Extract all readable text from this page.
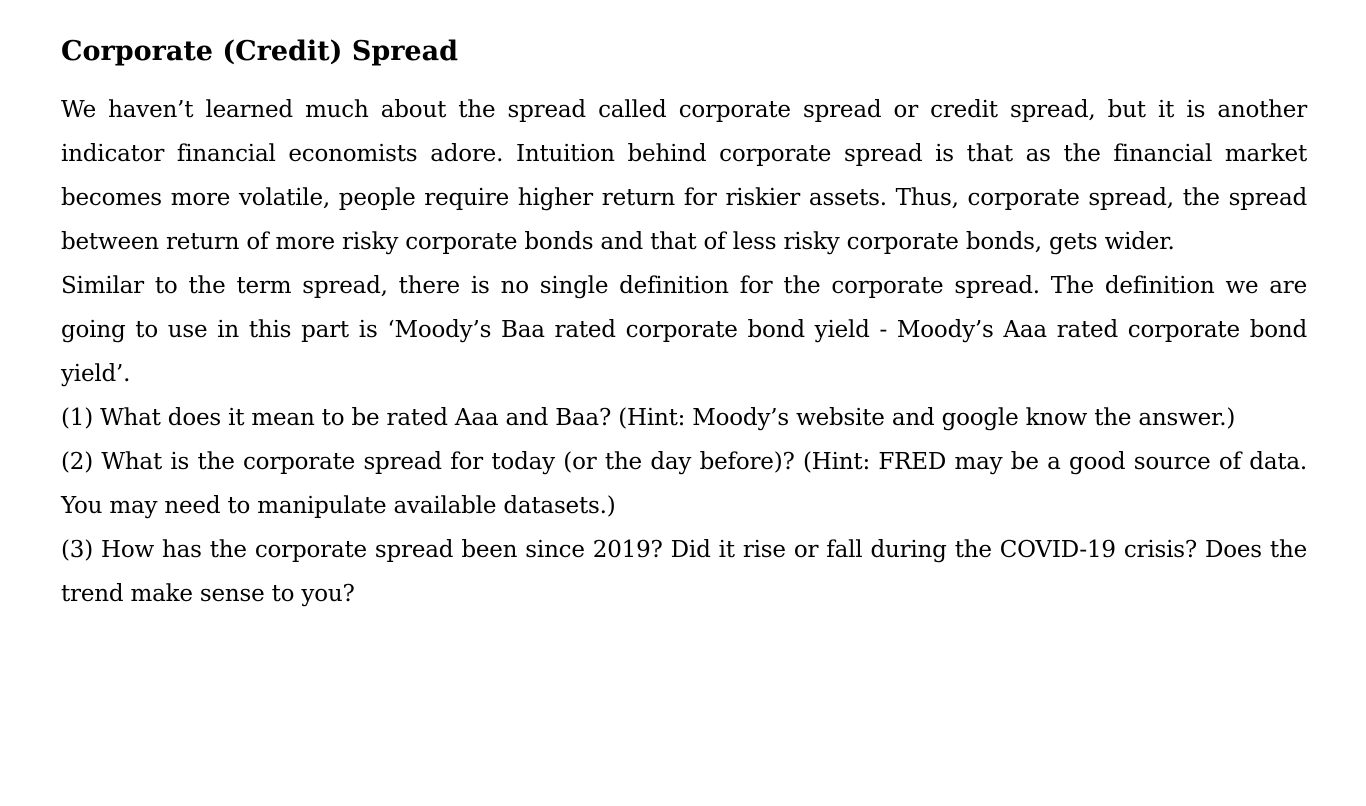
Corporate (Credit) Spread

We haven’t learned much about the spread called corporate spread or credit spread, but it is another indicator financial economists adore. Intuition behind corporate spread is that as the financial market becomes more volatile, people require higher return for riskier assets. Thus, corporate spread, the spread between return of more risky corporate bonds and that of less risky corporate bonds, gets wider.

Similar to the term spread, there is no single definition for the corporate spread. The definition we are going to use in this part is ‘Moody’s Baa rated corporate bond yield - Moody’s Aaa rated corporate bond yield’.

(1) What does it mean to be rated Aaa and Baa? (Hint: Moody’s website and google know the answer.)

(2) What is the corporate spread for today (or the day before)? (Hint: FRED may be a good source of data. You may need to manipulate available datasets.)

(3) How has the corporate spread been since 2019? Did it rise or fall during the COVID-19 crisis? Does the trend make sense to you?
